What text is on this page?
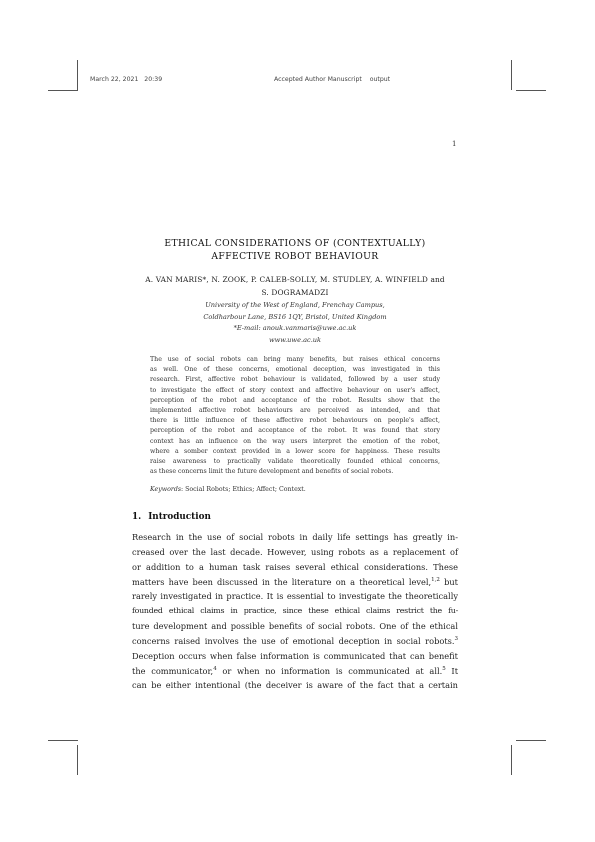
March 22, 2021 20:39	Accepted Author Manuscript output
1
ETHICAL CONSIDERATIONS OF (CONTEXTUALLY)
AFFECTIVE ROBOT BEHAVIOUR
A. VAN MARIS*, N. ZOOK, P. CALEB-SOLLY, M. STUDLEY, A. WINFIELD and
S. DOGRAMADZI
University of the West of England, Frenchay Campus,
Coldharbour Lane, BS16 1QY, Bristol, United Kingdom
*E-mail: anouk.vanmaris@uwe.ac.uk
www.uwe.ac.uk
The use of social robots can bring many benefits, but raises ethical concerns
as well. One of these concerns, emotional deception, was investigated in this
research. First, affective robot behaviour is validated, followed by a user study
to investigate the effect of story context and affective behaviour on user's affect,
perception of the robot and acceptance of the robot. Results show that the
implemented affective robot behaviours are perceived as intended, and that
there is little influence of these affective robot behaviours on people's affect,
perception of the robot and acceptance of the robot. It was found that story
context has an influence on the way users interpret the emotion of the robot,
where a somber context provided in a lower score for happiness. These results
raise awareness to practically validate theoretically founded ethical concerns,
as these concerns limit the future development and benefits of social robots.
Keywords: Social Robots; Ethics; Affect; Context.
1. Introduction
Research in the use of social robots in daily life settings has greatly in-
creased over the last decade. However, using robots as a replacement of
or addition to a human task raises several ethical considerations. These
matters have been discussed in the literature on a theoretical level,$^{1,2}$ but
rarely investigated in practice. It is essential to investigate the theoretically
founded ethical claims in practice, since these ethical claims restrict the fu-
ture development and possible benefits of social robots. One of the ethical
concerns raised involves the use of emotional deception in social robots.$^3$
Deception occurs when false information is communicated that can benefit
the communicator,$^4$ or when no information is communicated at all.$^5$ It
can be either intentional (the deceiver is aware of the fact that a certain
